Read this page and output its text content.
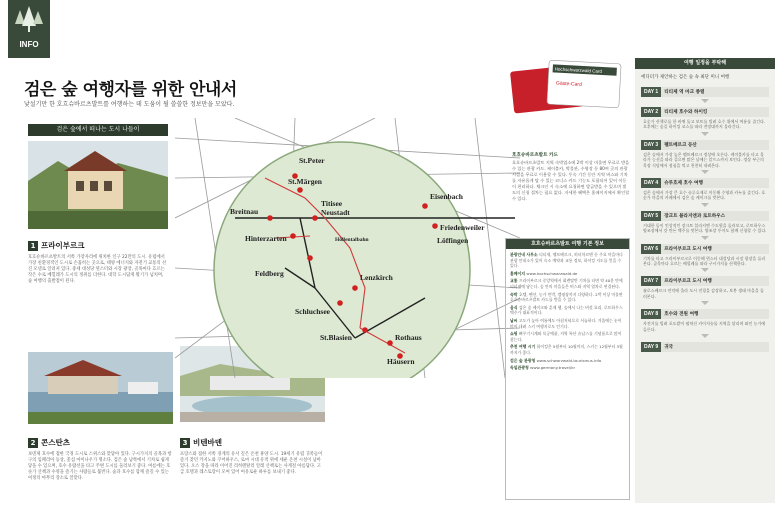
INFO
검은 숲 여행자를 위한 안내서
낯설기만 한 호흐슈바르츠발트를 여행하는 데 도움이 될 쓸쓸한 정보만을 모았다.
검은 숲에서 떠나는 도시 나들이
1 프라이부르크
호흐슈바르츠발트의 서쪽 가장자리에 위치한 인구 22만의 도시. 유럽에서 가장 친환경적인 도시로 손꼽히는 곳으로, 태양 에너지와 자전거 교통의 선진 모델로 알려져 있다. 중세 대성당 뮌스터와 시장 광장, 골목마다 흐르는 작은 수로 베힐레가 도시의 정취를 더한다. 대학 도시답게 활기가 넘치며, 숲 여행의 출발점이 된다.
2 콘스탄츠
보덴제 호수에 접한 국경 도시로 스위스와 맞닿아 있다. 구시가지의 골목과 항구의 임페리아 동상, 꽃섬 마이나우가 명소다. 검은 숲 남쪽에서 기차로 쉽게 닿을 수 있으며, 호수 유람선을 타고 주변 도시를 둘러보기 좋다. 여름에는 호숫가 산책과 수영을 즐기는 사람들로 붐빈다. 숲과 호수를 함께 즐길 수 있는 여정의 마무리 장소로 알맞다.
3 비텐바덴
프랑스와 접한 서쪽 경계의 유서 깊은 온천 휴양 도시. 19세기 유럽 귀족들이 즐겨 찾던 카지노와 쿠어하우스, 로마 시대 유적 위에 세운 온천 시설이 남아 있다. 오스 강을 따라 이어진 리히텐탈러 알레 산책로는 사계절 아름답다. 고급 호텔과 레스토랑이 모여 있어 여유로운 하루를 보내기 좋다.
St.Peter
St.Märgen
Breitnau
Titisee
Neustadt
Eisenbach
Friedenweiler
Löffingen
Hinterzarten
Feldberg
Schluchsee
Lenzkirch
St.Blasien	Rothaus
Häusern
Höllentalbahn
Hochschwarzwald Card
Gäste-Card
호흐슈바르츠발트 카드
호흐슈바르츠발트 지역 숙박업소에 2박 이상 머물면 무료로 받을 수 있는 관광 카드. 케이블카, 박물관, 수영장 등 80여 곳의 관광 시설을 무료로 이용할 수 있다. 투숙 기간 동안 지역 버스와 기차를 자유롭게 탈 수 있는 코너스 카드 기능도 포함되어 있어 이동이 편리하다. 체크인 시 숙소에 요청하면 발급받을 수 있으며 별도의 신청 절차는 필요 없다. 자세한 혜택은 홈페이지에서 확인할 수 있다.
호흐슈바르츠발트 여행 기본 정보
관광안내 사무소 티티제, 펠트베르크, 히터차르텐 등 주요 마을마다 관광 안내소가 있어 숙소 예약과 교통 정보, 하이킹 지도를 얻을 수 있다.
홈페이지 www.hochschwarzwald.de
교통 프라이부르크 중앙역에서 회렌탈반 기차를 타면 약 40분 만에 티티제에 닿는다. 숲 안의 마을들은 버스와 지역 열차로 연결된다.
숙박 호텔, 펜션, 농가 민박, 캠핑장까지 다양하다. 2박 이상 머물면 호흐슈바르츠발트 카드를 받을 수 있다.
음식 검은 숲 케이크와 훈제 햄, 숲에서 나는 버섯 요리, 로트하우스 맥주가 대표적이다.
날씨 고도가 높아 여름에도 아침저녁으로 서늘하다. 겨울에는 눈이 많이 내려 스키 여행지로도 인기다.
쇼핑 뻐꾸기시계와 목공예품, 지역 특산 슈납스를 기념품으로 많이 찾는다.
추천 여행 시기 하이킹은 5월부터 10월까지, 스키는 12월부터 3월까지가 좋다.
검은 숲 관광청 www.schwarzwald-tourismus.info
독일관광청 www.germany.travel/kr
여행 일정을 부탁해
에디터가 제안하는 검은 숲 속 최단 미니 여행
DAY 1	티티제 역 마크 종렬
DAY 2	티티제 호수와 하이킹
호숫가 산책로를 한 바퀴 돌고 보트를 빌려 호수 위에서 여유를 즐긴다. 오후에는 숲길 하이킹 코스를 따라 전망대까지 올라간다.
DAY 3	펠트베르크 등산
검은 숲에서 가장 높은 펠트베르크 정상에 오른다. 케이블카를 타고 올라가 능선을 따라 걸으면 맑은 날에는 알프스까지 보인다. 정상 부근의 목장 식당에서 점심을 먹고 천천히 내려온다.
DAY 4	슈루흐제 호수 여행
검은 숲에서 가장 큰 호수 슈루흐제로 이동해 수영과 카누를 즐긴다. 호숫가 마을의 카페에서 검은 숲 케이크를 맛본다.
DAY 5	장크트 블라지엔과 로트하우스
거대한 돔이 인상적인 장크트 블라지엔 수도원을 둘러보고, 로트하우스 양조장에서 갓 만든 맥주를 맛본다. 양조장 투어도 함께 신청할 수 있다.
DAY 6	프라이부르크 도시 여행
기차를 타고 프라이부르크로 이동해 뮌스터 대성당과 시장 광장을 둘러본다. 골목마다 흐르는 베힐레를 따라 구시가지를 산책한다.
DAY 7	프라이부르크 도시 여행
슐로스베르크 언덕에 올라 도시 전경을 감상하고, 보봉 생태 마을을 둘러본다.
DAY 8	호수와 전원 여행
자전거를 빌려 포도밭이 펼쳐진 카이저슈툴 지역을 달리며 와인 농가에 들른다.
DAY 9	귀국
